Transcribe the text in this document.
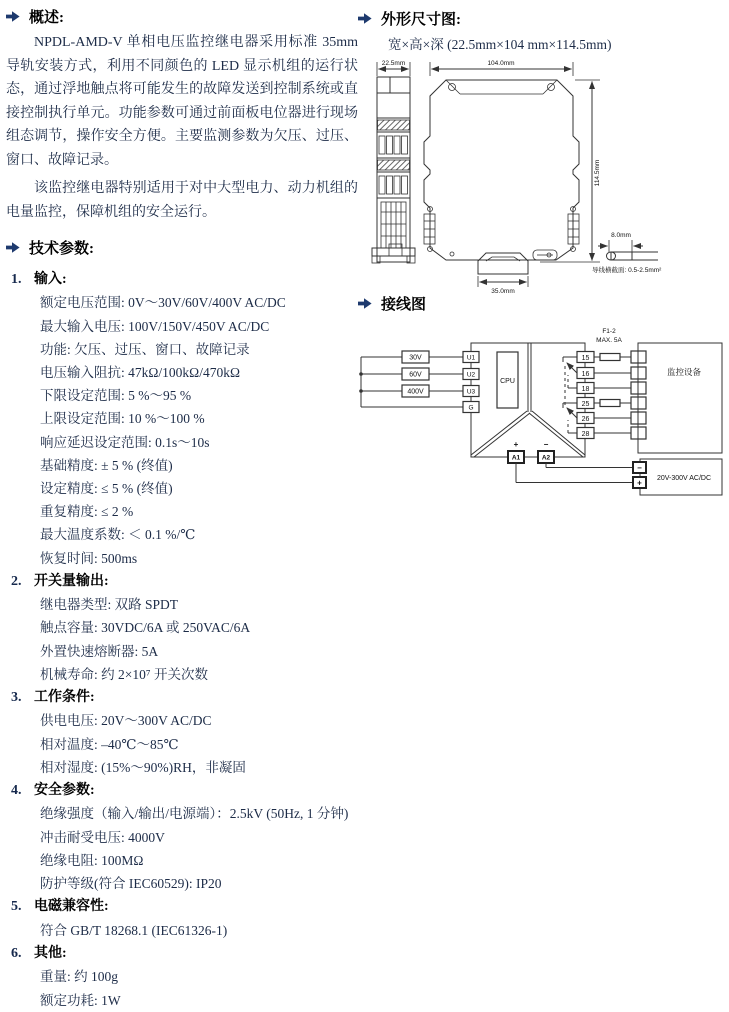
概述:

NPDL-AMD-V 单相电压监控继电器采用标准 35mm 导轨安装方式，利用不同颜色的 LED 显示机组的运行状态，通过浮地触点将可能发生的故障发送到控制系统或直接控制执行单元。功能参数可通过前面板电位器进行现场组态调节，操作安全方便。主要监测参数为欠压、过压、窗口、故障记录。

该监控继电器特别适用于对中大型电力、动力机组的电量监控，保障机组的安全运行。

技术参数:
1. 输入:
额定电压范围: 0V～30V/60V/400V AC/DC
最大输入电压: 100V/150V/450V AC/DC
功能: 欠压、过压、窗口、故障记录
电压输入阻抗: 47kΩ/100kΩ/470kΩ
下限设定范围: 5 %～95 %
上限设定范围: 10 %～100 %
响应延迟设定范围: 0.1s～10s
基础精度: ± 5 % (终值)
设定精度: ≤ 5 % (终值)
重复精度: ≤ 2 %
最大温度系数: ＜ 0.1 %/℃
恢复时间: 500ms
2. 开关量输出:
继电器类型: 双路 SPDT
触点容量: 30VDC/6A 或 250VAC/6A
外置快速熔断器: 5A
机械寿命: 约 2×10⁷ 开关次数
3. 工作条件:
供电电压: 20V～300V AC/DC
相对温度: –40℃～85℃
相对湿度: (15%～90%)RH，非凝固
4. 安全参数:
绝缘强度（输入/输出/电源端）：2.5kV (50Hz, 1 分钟)
冲击耐受电压: 4000V
绝缘电阻: 100MΩ
防护等级(符合 IEC60529): IP20
5. 电磁兼容性:
符合 GB/T 18268.1 (IEC61326-1)
6. 其他:
重量: 约 100g
额定功耗: 1W
外形尺寸图:
宽×高×深 (22.5mm×104 mm×114.5mm)
22.5mm	104.0mm
114.5mm
35.0mm
8.0mm
导线横截面: 0.5-2.5mm²
接线图
30V
60V
400V
CPU
U1
U2
U3
G
+	−
A1	A2
15
16
18
25
26
28
F1-2
MAX. 5A
监控设备
−
+ 20V-300V AC/DC
